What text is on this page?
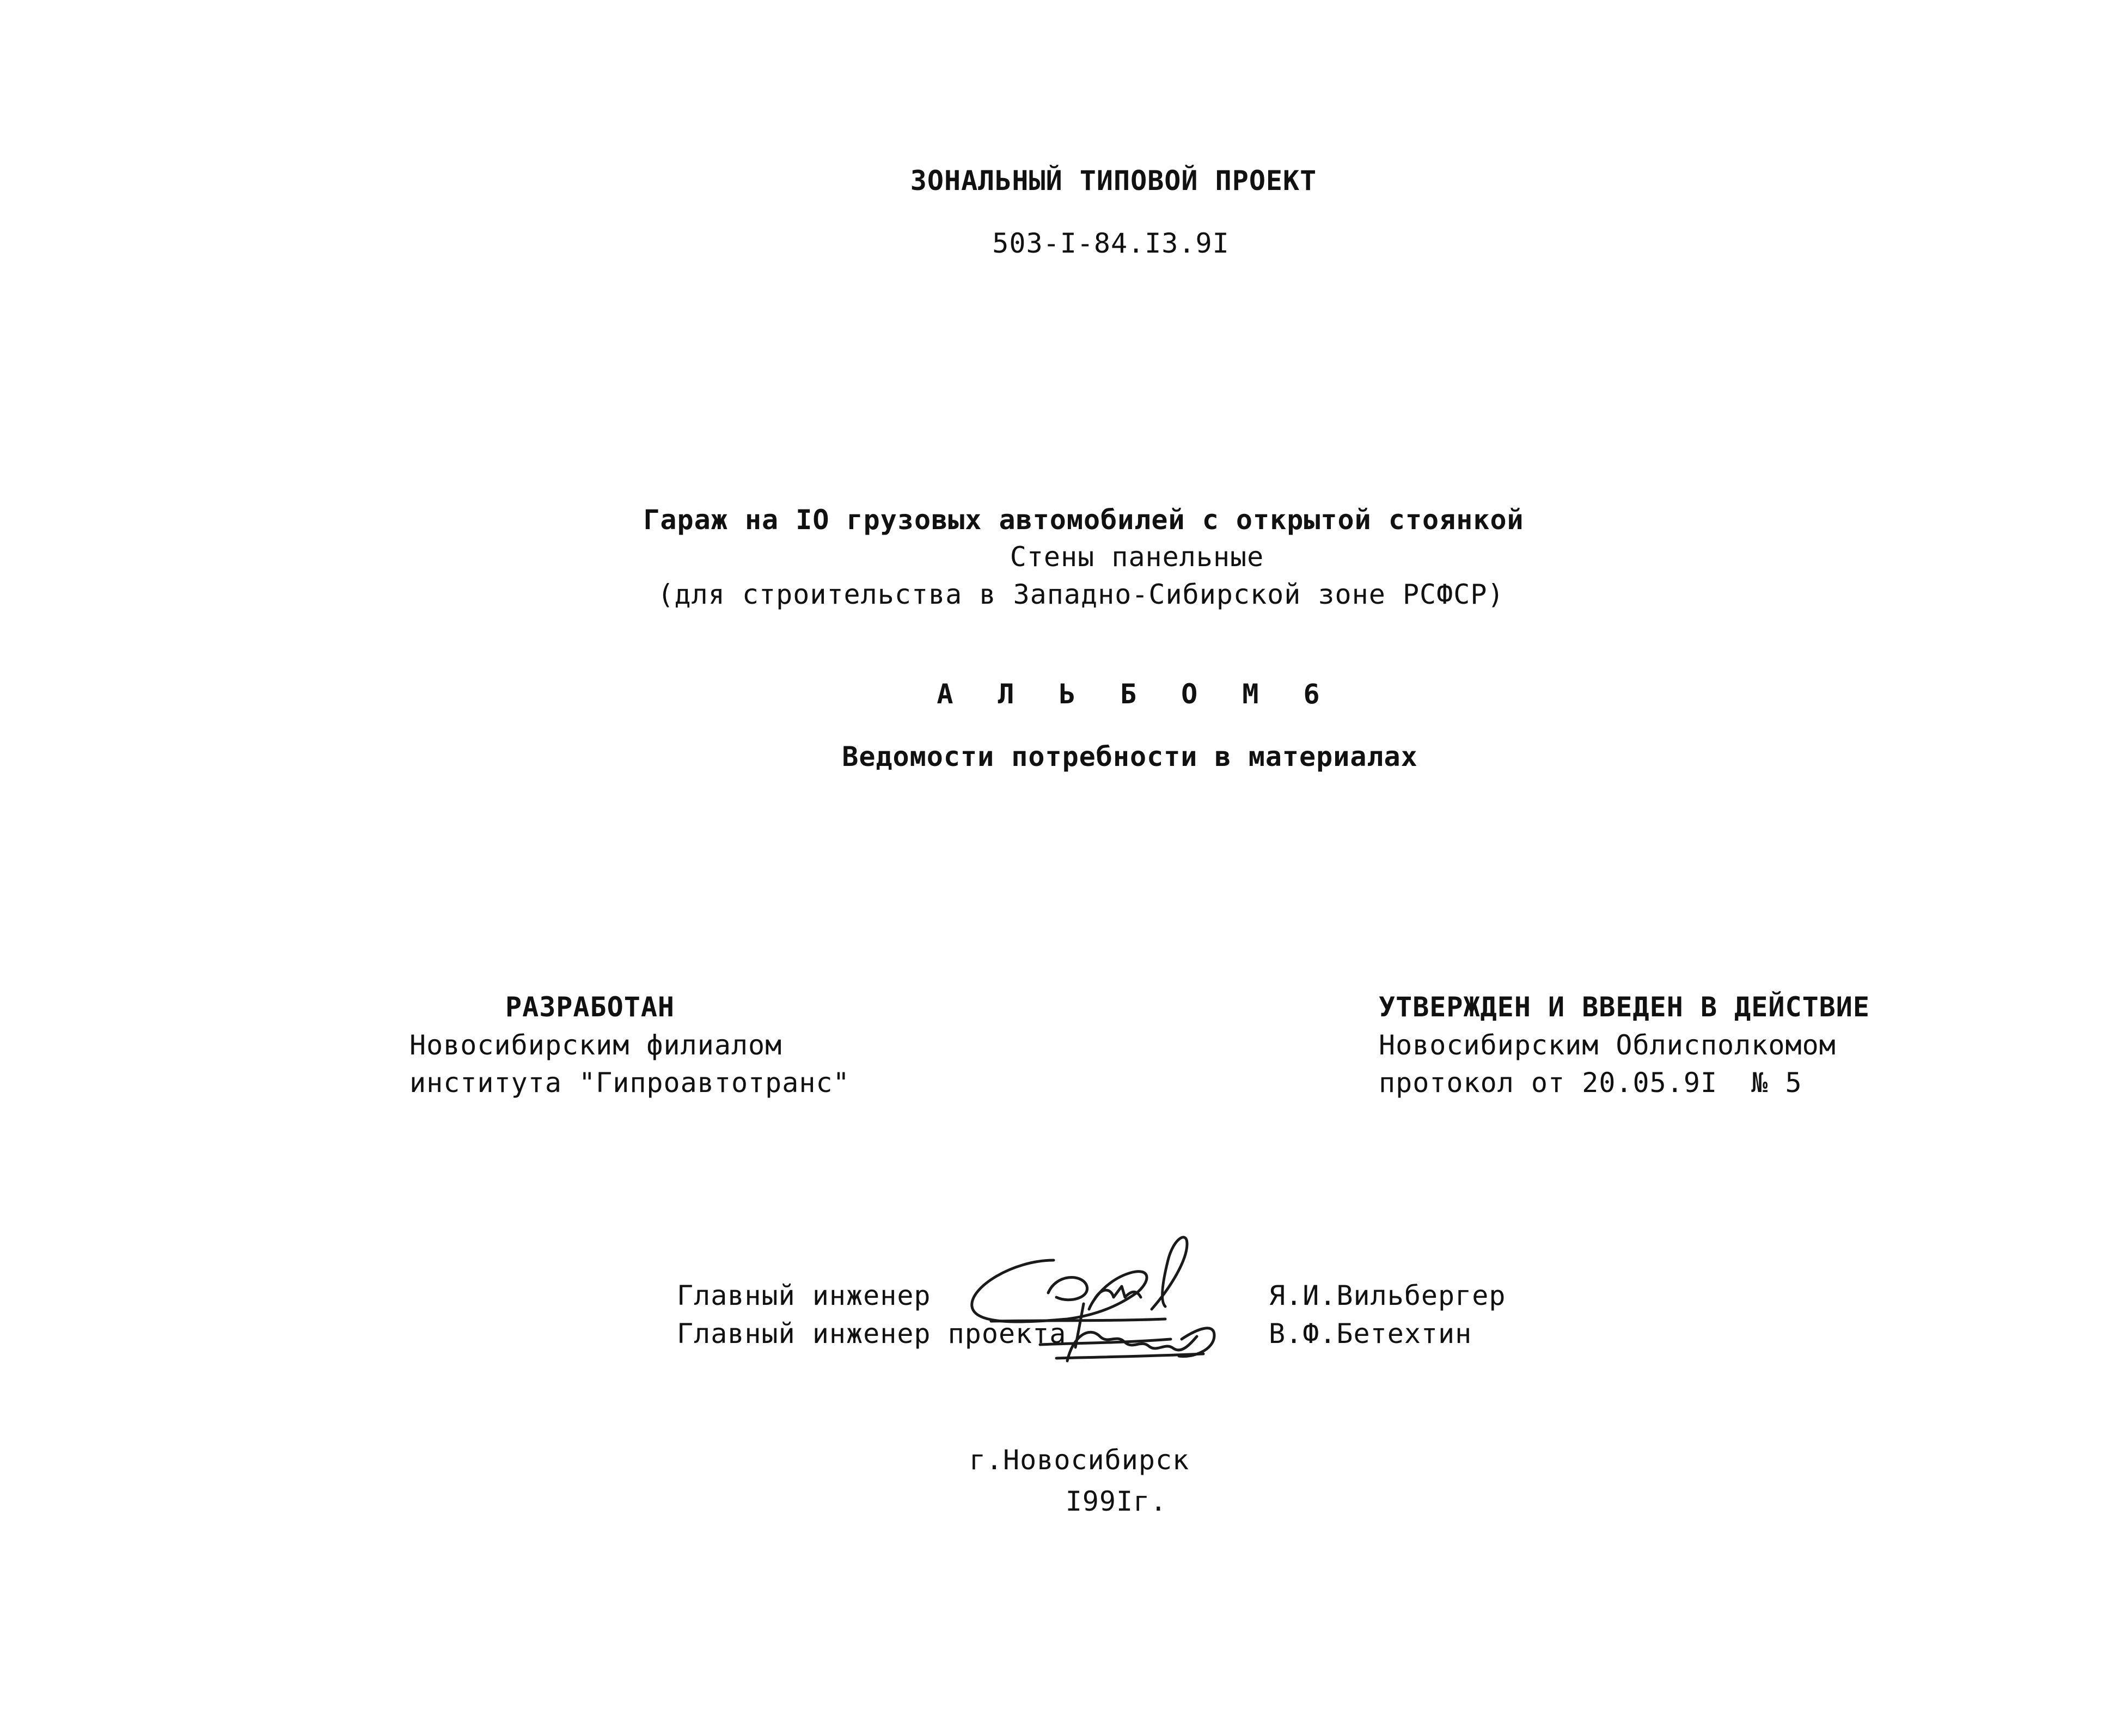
ЗОНАЛЬНЫЙ ТИПОВОЙ ПРОЕКТ
503-I-84.I3.9I
Гараж на IО грузовых автомобилей с открытой стоянкой
Стены панельные
(для строительства в Западно-Сибирской зоне РСФСР)
А Л Ь Б О М 6
Ведомости потребности в материалах
РАЗРАБОТАН
Новосибирским филиалом
института "Гипроавтотранс"
УТВЕРЖДЕН И ВВЕДЕН В ДЕЙСТВИЕ
Новосибирским Облисполкомом
протокол от 20.05.9I  № 5
Главный инженер	Я.И.Вильбергер
Главный инженер проекта	В.Ф.Бетехтин
г.Новосибирск
I99Iг.
